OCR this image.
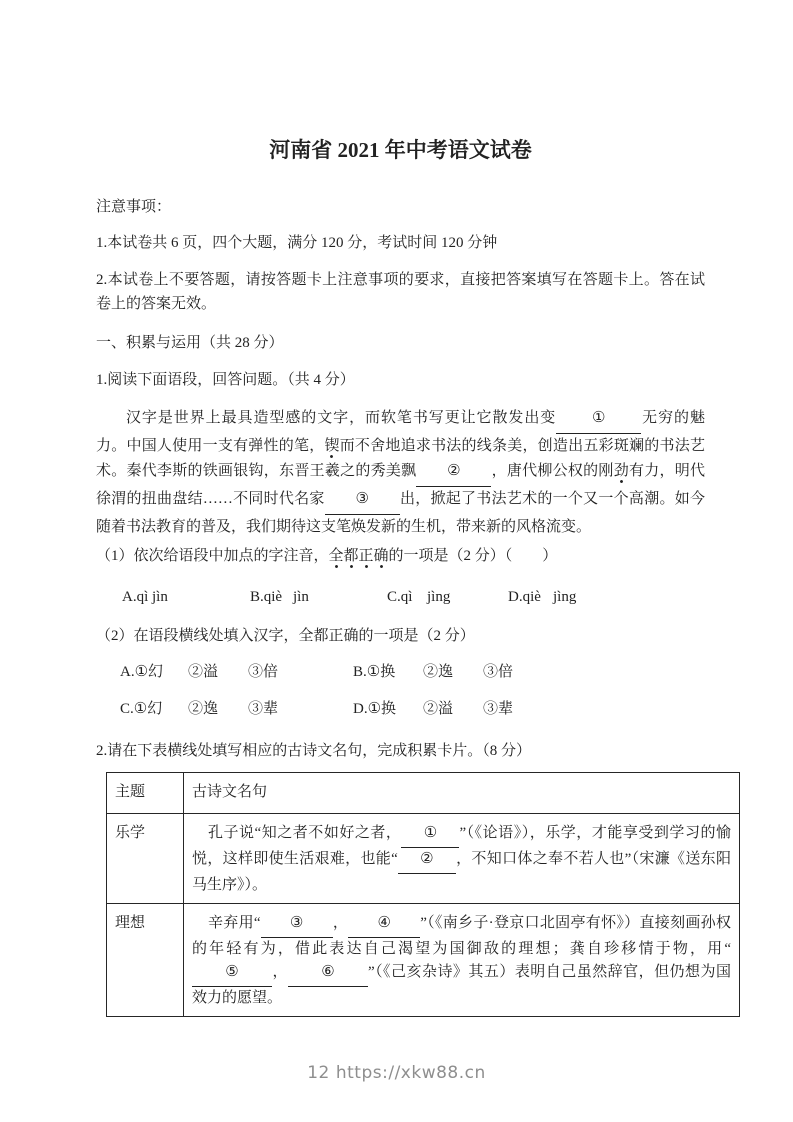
河南省 2021 年中考语文试卷

注意事项：

1.本试卷共 6 页，四个大题，满分 120 分，考试时间 120 分钟

2.本试卷上不要答题，请按答题卡上注意事项的要求，直接把答案填写在答题卡上。答在试卷上的答案无效。

一、积累与运用（共 28 分）

1.阅读下面语段，回答问题。（共 4 分）

汉字是世界上最具造型感的文字，而软笔书写更让它散发出变 ① 无穷的魅力。中国人使用一支有弹性的笔，锲而不舍地追求书法的线条美，创造出五彩斑斓的书法艺术。秦代李斯的铁画银钩，东晋王羲之的秀美飘 ② ，唐代柳公权的刚劲有力，明代徐渭的扭曲盘结……不同时代名家 ③ 出，掀起了书法艺术的一个又一个高潮。如今随着书法教育的普及，我们期待这支笔焕发新的生机，带来新的风格流变。

（1）依次给语段中加点的字注音，全都正确的一项是（2 分）（　　）

A.qì jìn	B.qiè jìn	C.qì jìng	D.qiè jìng

（2）在语段横线处填入汉字，全都正确的一项是（2 分）

A.①幻 ②溢 ③倍	B.①换 ②逸 ③倍
C.①幻 ②逸 ③辈	D.①换 ②溢 ③辈

2.请在下表横线处填写相应的古诗文名句，完成积累卡片。（8 分）

主题	古诗文名句

乐学	孔子说“知之者不如好之者， ① ”（《论语》），乐学，才能享受到学习的愉悦，这样即使生活艰难，也能“ ② ，不知口体之奉不若人也”（宋濂《送东阳马生序》）。

理想	辛弃用“ ③ ， ④ ”（《南乡子·登京口北固亭有怀》）直接刻画孙权的年轻有为，借此表达自己渴望为国御敌的理想；龚自珍移情于物，用“⑤ ， ⑥ ”（《己亥杂诗》其五）表明自己虽然辞官，但仍想为国效力的愿望。

12 https://xkw88.cn
